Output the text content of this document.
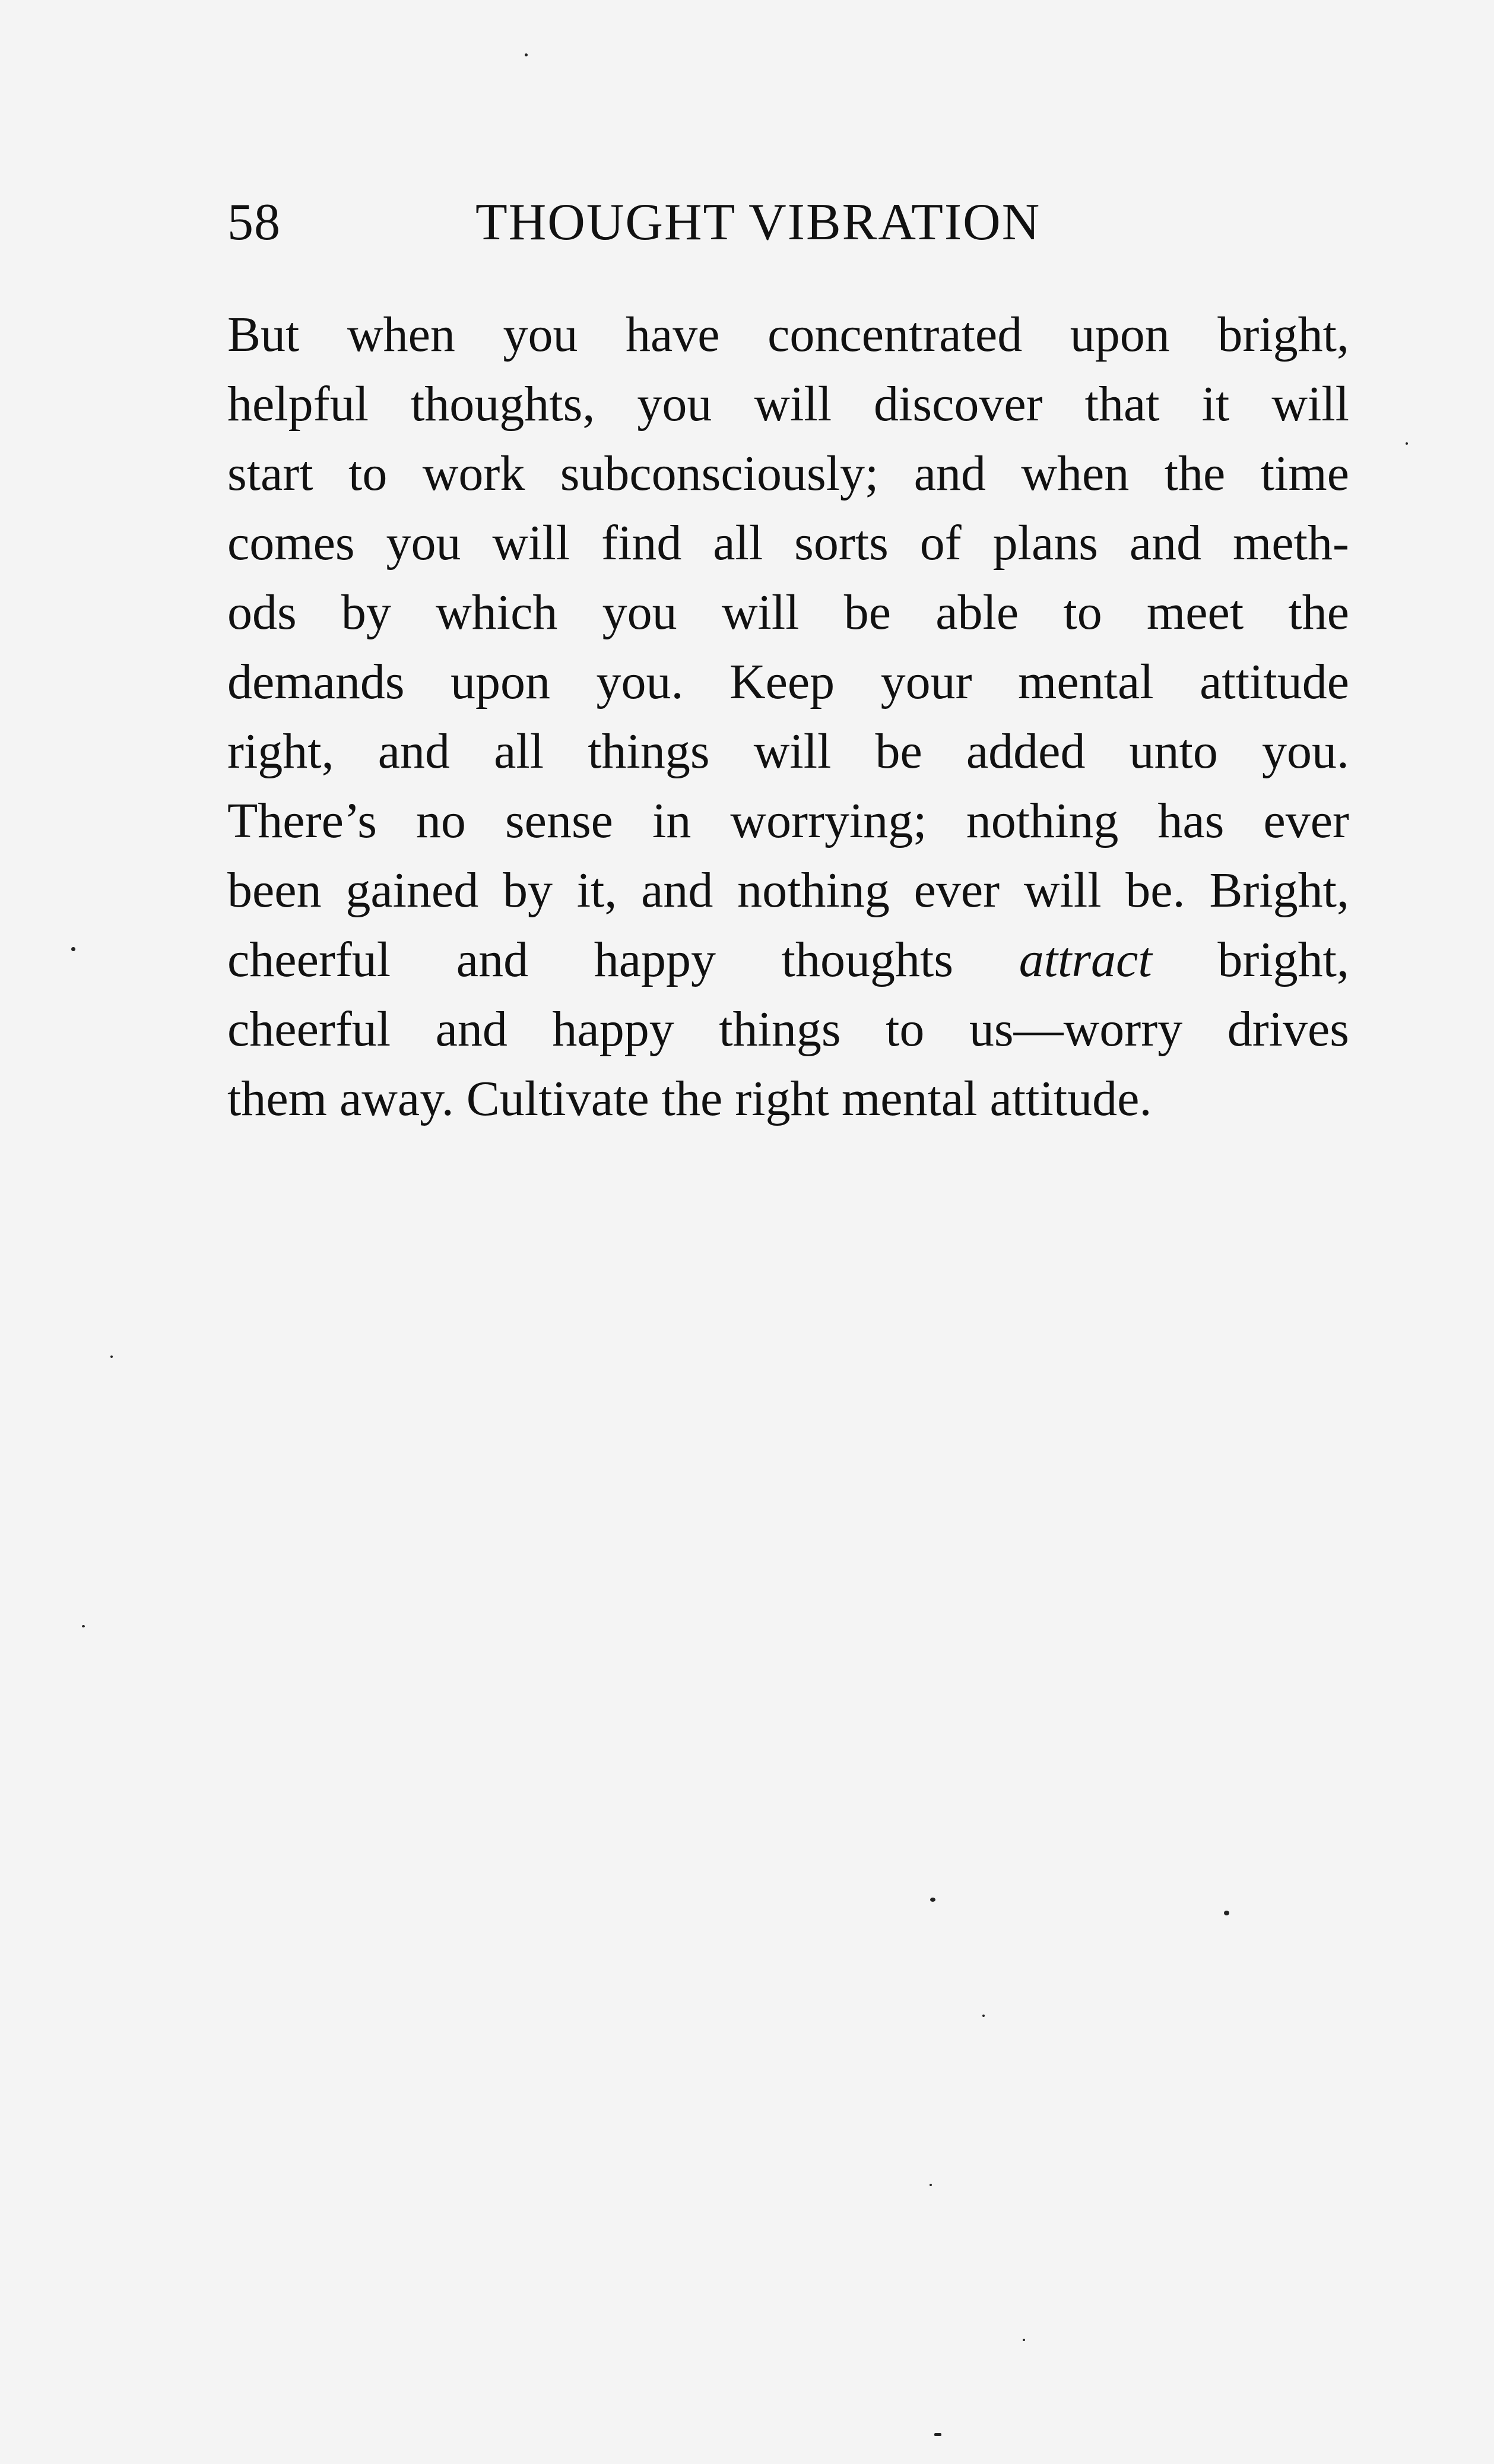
58	THOUGHT VIBRATION
But when you have concentrated upon bright,
helpful thoughts, you will discover that it will
start to work subconsciously; and when the time
comes you will find all sorts of plans and meth-
ods by which you will be able to meet the
demands upon you. Keep your mental attitude
right, and all things will be added unto you.
There’s no sense in worrying; nothing has ever
been gained by it, and nothing ever will be. Bright,
cheerful and happy thoughts attract bright,
cheerful and happy things to us—worry drives
them away. Cultivate the right mental attitude.
